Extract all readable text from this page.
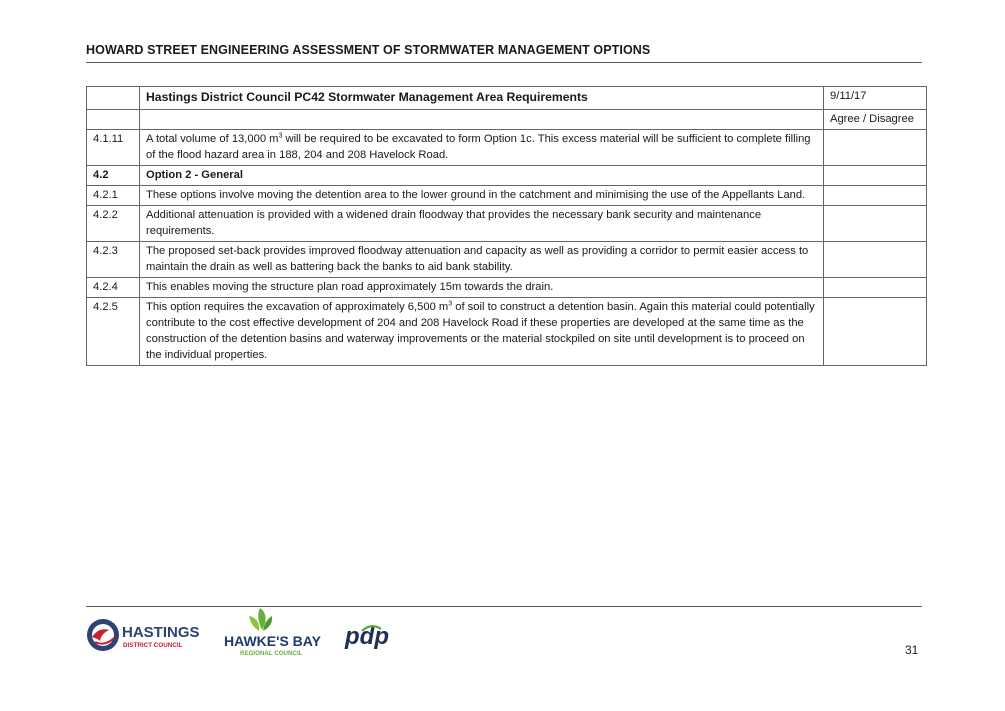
HOWARD STREET ENGINEERING ASSESSMENT OF STORMWATER MANAGEMENT OPTIONS
	Hastings District Council PC42 Stormwater Management Area Requirements	9/11/17
		Agree / Disagree
4.1.11	A total volume of 13,000 $m^3$ will be required to be excavated to form Option 1c. This excess material will be sufficient to complete filling of the flood hazard area in 188, 204 and 208 Havelock Road.	
4.2	Option 2 - General	
4.2.1	These options involve moving the detention area to the lower ground in the catchment and minimising the use of the Appellants Land.	
4.2.2	Additional attenuation is provided with a widened drain floodway that provides the necessary bank security and maintenance requirements.	
4.2.3	The proposed set-back provides improved floodway attenuation and capacity as well as providing a corridor to permit easier access to maintain the drain as well as battering back the banks to aid bank stability.	
4.2.4	This enables moving the structure plan road approximately 15m towards the drain.	
4.2.5	This option requires the excavation of approximately 6,500 $m^3$ of soil to construct a detention basin. Again this material could potentially contribute to the cost effective development of 204 and 208 Havelock Road if these properties are developed at the same time as the construction of the detention basins and waterway improvements or the material stockpiled on site until development is to proceed on the individual properties.	
HASTINGS
DISTRICT COUNCIL	HAWKE'S BAY
REGIONAL COUNCIL
pdp	31
